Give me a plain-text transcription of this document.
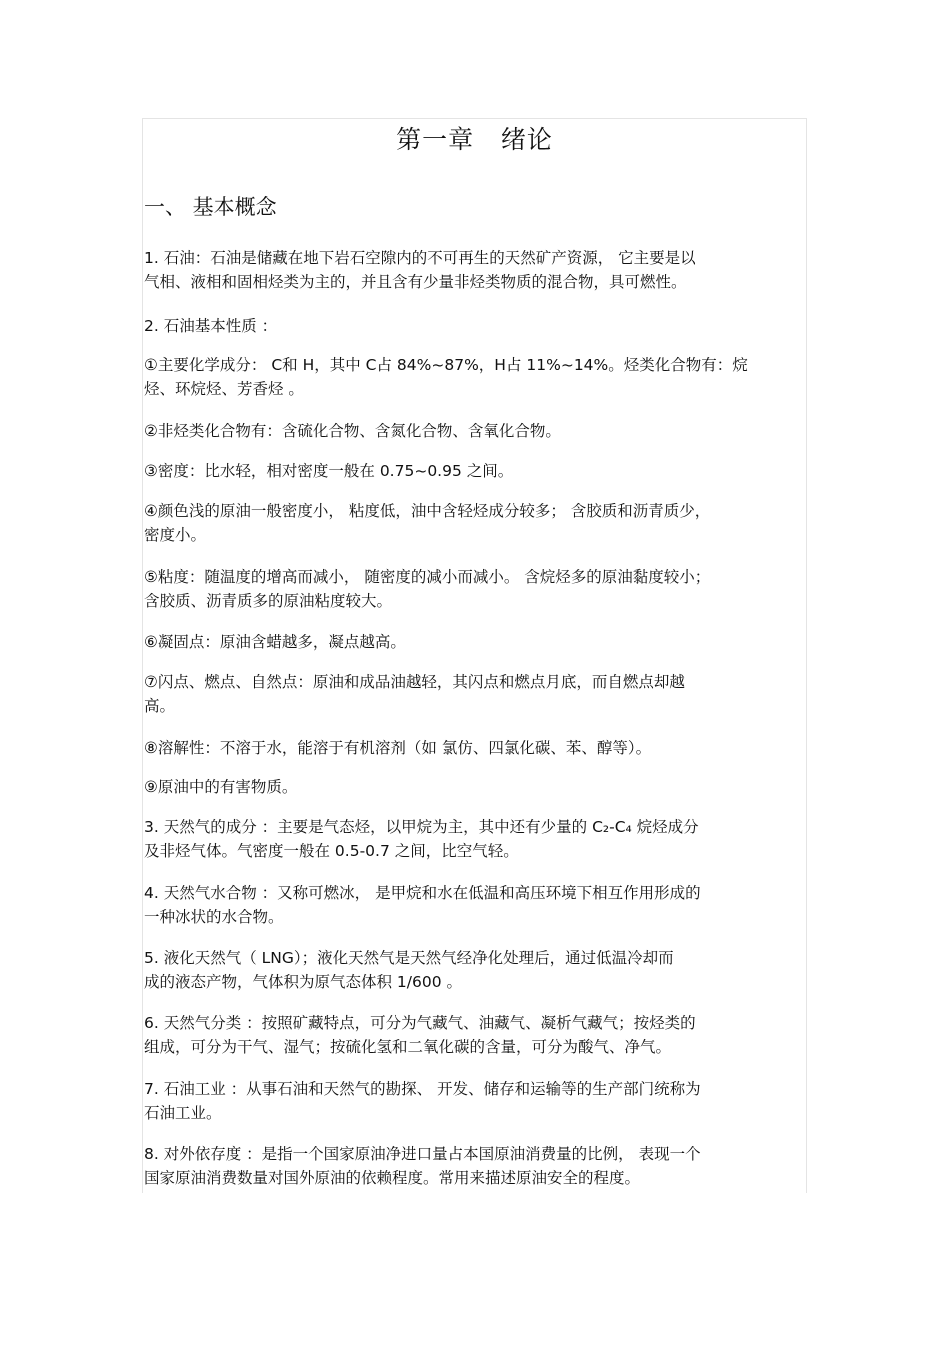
第一章   绪论
一、 基本概念
1. 石油：石油是储藏在地下岩石空隙内的不可再生的天然矿产资源， 它主要是以
气相、液相和固相烃类为主的，并且含有少量非烃类物质的混合物，具可燃性。
2. 石油基本性质 ：
①主要化学成分： C和 H，其中 C占 84%~87%，H占 11%~14%。烃类化合物有：烷
烃、环烷烃、芳香烃 。
②非烃类化合物有：含硫化合物、含氮化合物、含氧化合物。
③密度：比水轻，相对密度一般在 0.75~0.95 之间。
④颜色浅的原油一般密度小， 粘度低，油中含轻烃成分较多； 含胶质和沥青质少，
密度小。
⑤粘度：随温度的增高而减小， 随密度的减小而减小。 含烷烃多的原油黏度较小；
含胶质、沥青质多的原油粘度较大。
⑥凝固点：原油含蜡越多，凝点越高。
⑦闪点、燃点、自然点：原油和成品油越轻，其闪点和燃点月底，而自燃点却越
高。
⑧溶解性：不溶于水，能溶于有机溶剂（如 氯仿、四氯化碳、苯、醇等）。
⑨原油中的有害物质。
3. 天然气的成分 ：主要是气态烃，以甲烷为主，其中还有少量的 C₂-C₄ 烷烃成分
及非烃气体。气密度一般在 0.5-0.7 之间，比空气轻。
4. 天然气水合物 ：又称可燃冰， 是甲烷和水在低温和高压环境下相互作用形成的
一种冰状的水合物。
5. 液化天然气（ LNG）；液化天然气是天然气经净化处理后，通过低温冷却而
成的液态产物，气体积为原气态体积 1/600 。
6. 天然气分类 ：按照矿藏特点，可分为气藏气、油藏气、凝析气藏气；按烃类的
组成，可分为干气、湿气；按硫化氢和二氧化碳的含量，可分为酸气、净气。
7. 石油工业 ：从事石油和天然气的勘探、 开发、储存和运输等的生产部门统称为
石油工业。
8. 对外依存度 ：是指一个国家原油净进口量占本国原油消费量的比例， 表现一个
国家原油消费数量对国外原油的依赖程度。常用来描述原油安全的程度。
